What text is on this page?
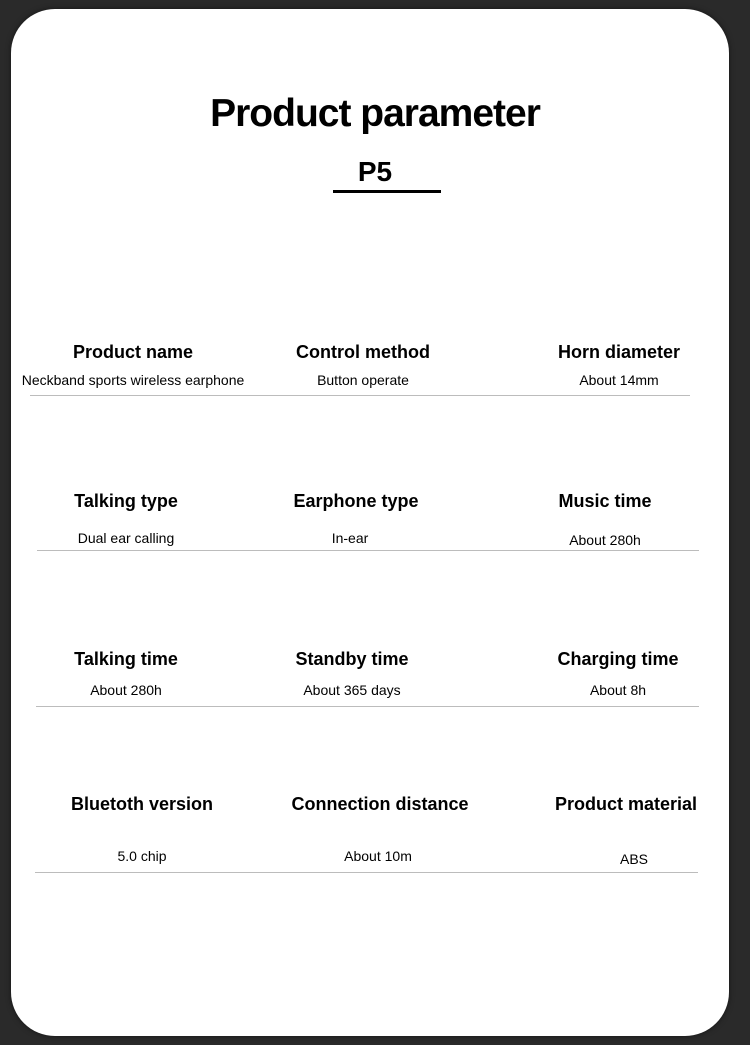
Product parameter
P5
Product name
Neckband sports wireless earphone
Control method
Button operate
Horn diameter
About 14mm
Talking type
Dual ear calling
Earphone type
In-ear
Music time
About 280h
Talking time
About 280h
Standby time
About 365 days
Charging time
About 8h
Bluetoth version
5.0 chip
Connection distance
About 10m
Product material
ABS
